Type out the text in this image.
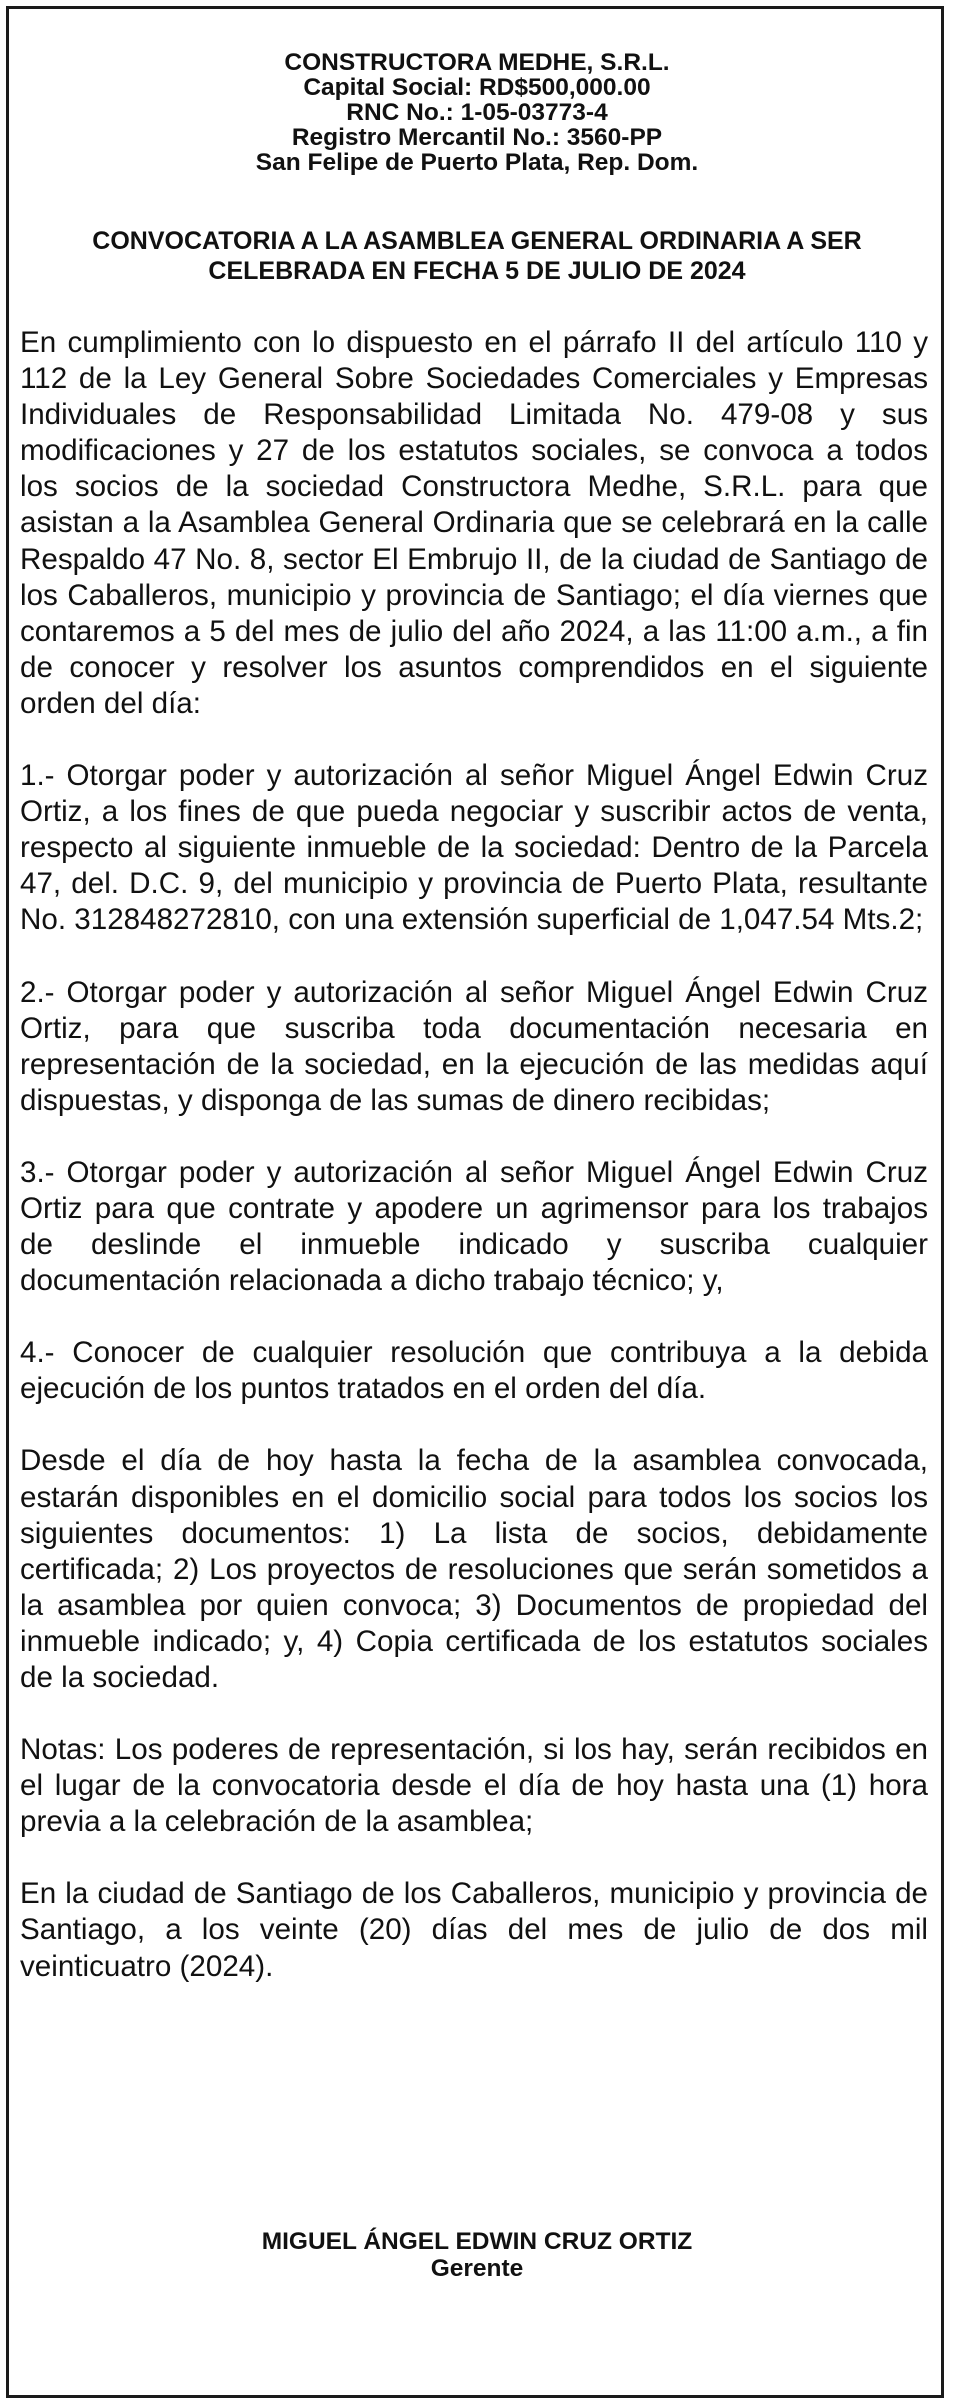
CONSTRUCTORA MEDHE, S.R.L.
Capital Social: RD$500,000.00
RNC No.: 1-05-03773-4
Registro Mercantil No.: 3560-PP
San Felipe de Puerto Plata, Rep. Dom.
CONVOCATORIA A LA ASAMBLEA GENERAL ORDINARIA A SER
CELEBRADA EN FECHA 5 DE JULIO DE 2024

En cumplimiento con lo dispuesto en el párrafo II del artículo 110 y 112 de la Ley General Sobre Sociedades Comerciales y Empresas Individuales de Responsabilidad Limitada No. 479-08 y sus modificaciones y 27 de los estatutos sociales, se convoca a todos los socios de la sociedad Constructora Medhe, S.R.L. para que asistan a la Asamblea General Ordinaria que se celebrará en la calle Respaldo 47 No. 8, sector El Embrujo II, de la ciudad de Santiago de los Caballeros, municipio y provincia de Santiago; el día viernes que contaremos a 5 del mes de julio del año 2024, a las 11:00 a.m., a fin de conocer y resolver los asuntos comprendidos en el siguiente orden del día:

1.- Otorgar poder y autorización al señor Miguel Ángel Edwin Cruz Ortiz, a los fines de que pueda negociar y suscribir actos de venta, respecto al siguiente inmueble de la sociedad: Dentro de la Parcela 47, del. D.C. 9, del municipio y provincia de Puerto Plata, resultante No. 312848272810, con una extensión superficial de 1,047.54 Mts.2;

2.- Otorgar poder y autorización al señor Miguel Ángel Edwin Cruz Ortiz, para que suscriba toda documentación necesaria en representación de la sociedad, en la ejecución de las medidas aquí dispuestas, y disponga de las sumas de dinero recibidas;

3.- Otorgar poder y autorización al señor Miguel Ángel Edwin Cruz Ortiz para que contrate y apodere un agrimensor para los trabajos de deslinde el inmueble indicado y suscriba cualquier documentación relacionada a dicho trabajo técnico; y,

4.- Conocer de cualquier resolución que contribuya a la debida ejecución de los puntos tratados en el orden del día.

Desde el día de hoy hasta la fecha de la asamblea convocada, estarán disponibles en el domicilio social para todos los socios los siguientes documentos: 1) La lista de socios, debidamente certificada; 2) Los proyectos de resoluciones que serán sometidos a la asamblea por quien convoca; 3) Documentos de propiedad del inmueble indicado; y, 4) Copia certificada de los estatutos sociales de la sociedad.

Notas: Los poderes de representación, si los hay, serán recibidos en el lugar de la convocatoria desde el día de hoy hasta una (1) hora previa a la celebración de la asamblea;

En la ciudad de Santiago de los Caballeros, municipio y provincia de Santiago, a los veinte (20) días del mes de julio de dos mil veinticuatro (2024).

MIGUEL ÁNGEL EDWIN CRUZ ORTIZ
Gerente
